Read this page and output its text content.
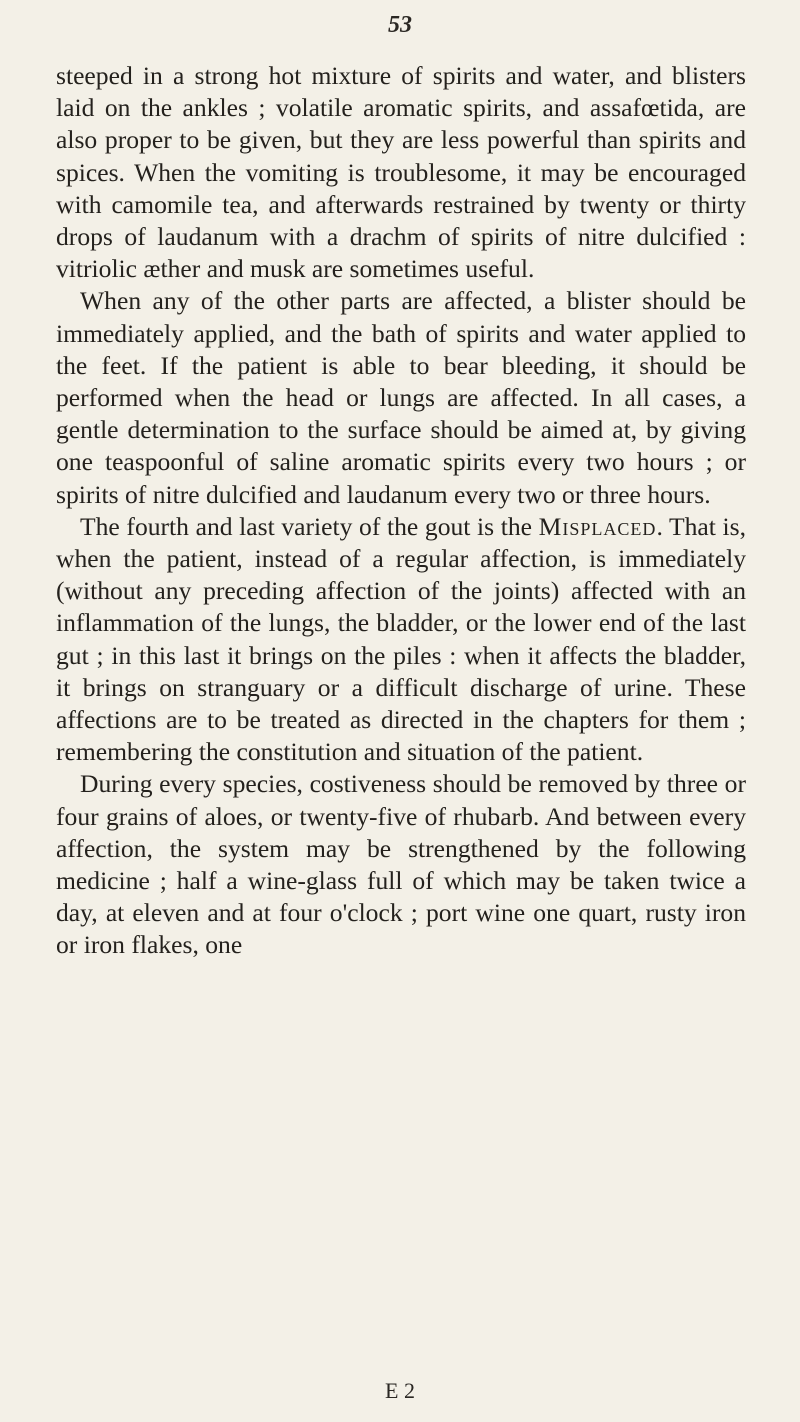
53

steeped in a strong hot mixture of spirits and water, and blisters laid on the ankles ; volatile aromatic spirits, and assafœtida, are also proper to be given, but they are less powerful than spirits and spices. When the vomiting is troublesome, it may be encouraged with camomile tea, and afterwards restrained by twenty or thirty drops of laudanum with a drachm of spirits of nitre dulcified : vitriolic æther and musk are sometimes useful.

When any of the other parts are affected, a blister should be immediately applied, and the bath of spirits and water applied to the feet. If the patient is able to bear bleeding, it should be performed when the head or lungs are affected. In all cases, a gentle determination to the surface should be aimed at, by giving one teaspoonful of saline aromatic spirits every two hours ; or spirits of nitre dulcified and laudanum every two or three hours.

The fourth and last variety of the gout is the Misplaced. That is, when the patient, instead of a regular affection, is immediately (without any preceding affection of the joints) affected with an inflammation of the lungs, the bladder, or the lower end of the last gut ; in this last it brings on the piles : when it affects the bladder, it brings on stranguary or a difficult discharge of urine. These affections are to be treated as directed in the chapters for them ; remembering the constitution and situation of the patient.

During every species, costiveness should be removed by three or four grains of aloes, or twenty-five of rhubarb. And between every affection, the system may be strengthened by the following medicine ; half a wine-glass full of which may be taken twice a day, at eleven and at four o'clock ; port wine one quart, rusty iron or iron flakes, one

E 2
